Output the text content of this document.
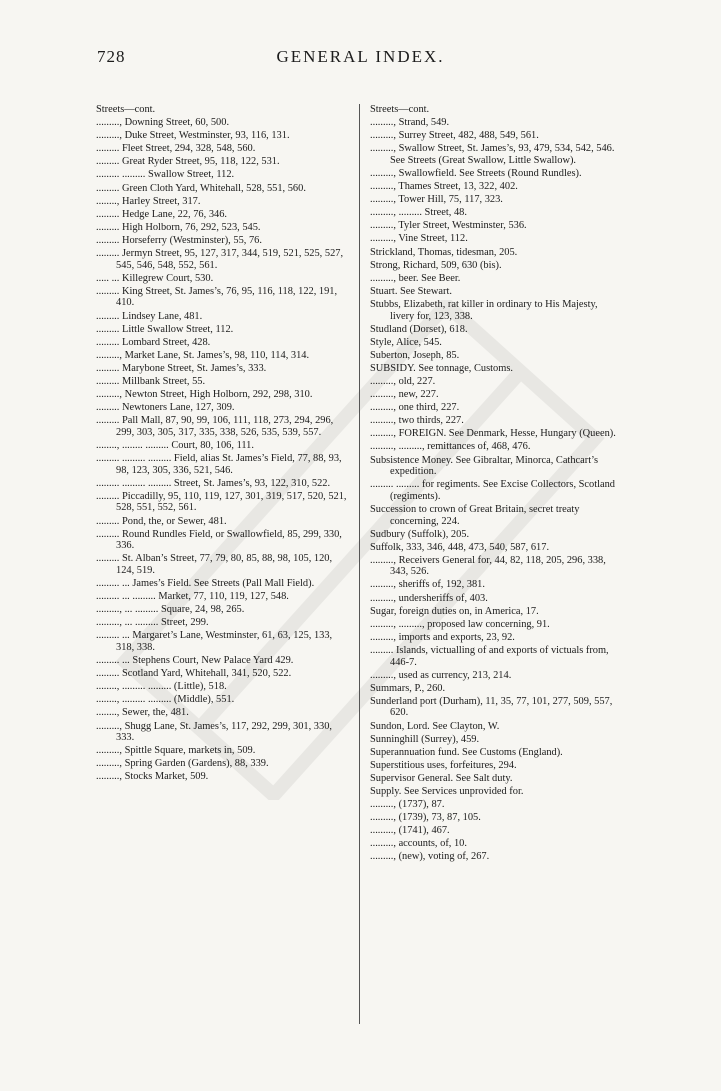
728	GENERAL INDEX.
Streets—cont.
........., Downing Street, 60, 500.
........., Duke Street, Westminster, 93, 116, 131.
......... Fleet Street, 294, 328, 548, 560.
......... Great Ryder Street, 95, 118, 122, 531.
......... ......... Swallow Street, 112.
......... Green Cloth Yard, Whitehall, 528, 551, 560.
........, Harley Street, 317.
......... Hedge Lane, 22, 76, 346.
......... High Holborn, 76, 292, 523, 545.
......... Horseferry (Westminster), 55, 76.
......... Jermyn Street, 95, 127, 317, 344, 519, 521, 525, 527, 545, 546, 548, 552, 561.
..... ... Killegrew Court, 530.
......... King Street, St. James’s, 76, 95, 116, 118, 122, 191, 410.
......... Lindsey Lane, 481.
......... Little Swallow Street, 112.
......... Lombard Street, 428.
........., Market Lane, St. James’s, 98, 110, 114, 314.
......... Marybone Street, St. James’s, 333.
......... Millbank Street, 55.
........., Newton Street, High Holborn, 292, 298, 310.
......... Newtoners Lane, 127, 309.
......... Pall Mall, 87, 90, 99, 106, 111, 118, 273, 294, 296, 299, 303, 305, 317, 335, 338, 526, 535, 539, 557.
........, ........ ......... Court, 80, 106, 111.
......... ......... ......... Field, alias St. James’s Field, 77, 88, 93, 98, 123, 305, 336, 521, 546.
......... ......... ......... Street, St. James’s, 93, 122, 310, 522.
......... Piccadilly, 95, 110, 119, 127, 301, 319, 517, 520, 521, 528, 551, 552, 561.
......... Pond, the, or Sewer, 481.
......... Round Rundles Field, or Swallowfield, 85, 299, 330, 336.
......... St. Alban’s Street, 77, 79, 80, 85, 88, 98, 105, 120, 124, 519.
......... ... James’s Field. See Streets (Pall Mall Field).
......... ... ......... Market, 77, 110, 119, 127, 548.
........., ... ......... Square, 24, 98, 265.
........., ... ......... Street, 299.
......... ... Margaret’s Lane, Westminster, 61, 63, 125, 133, 318, 338.
......... ... Stephens Court, New Palace Yard 429.
......... Scotland Yard, Whitehall, 341, 520, 522.
........, ......... ......... (Little), 518.
........, ......... ......... (Middle), 551.
........, Sewer, the, 481.
........., Shugg Lane, St. James’s, 117, 292, 299, 301, 330, 333.
........., Spittle Square, markets in, 509.
........., Spring Garden (Gardens), 88, 339.
........., Stocks Market, 509.
Streets—cont.
........., Strand, 549.
........., Surrey Street, 482, 488, 549, 561.
........., Swallow Street, St. James’s, 93, 479, 534, 542, 546. See Streets (Great Swallow, Little Swallow).
........., Swallowfield. See Streets (Round Rundles).
........., Thames Street, 13, 322, 402.
........., Tower Hill, 75, 117, 323.
........., ......... Street, 48.
........., Tyler Street, Westminster, 536.
........., Vine Street, 112.
Strickland, Thomas, tidesman, 205.
Strong, Richard, 509, 630 (bis).
........., beer. See Beer.
Stuart. See Stewart.
Stubbs, Elizabeth, rat killer in ordinary to His Majesty, livery for, 123, 338.
Studland (Dorset), 618.
Style, Alice, 545.
Suberton, Joseph, 85.
SUBSIDY. See tonnage, Customs.
........., old, 227.
........., new, 227.
........., one third, 227.
........., two thirds, 227.
........., FOREIGN. See Denmark, Hesse, Hungary (Queen).
........., ........., remittances of, 468, 476.
Subsistence Money. See Gibraltar, Minorca, Cathcart’s expedition.
......... ......... for regiments. See Excise Collectors, Scotland (regiments).
Succession to crown of Great Britain, secret treaty concerning, 224.
Sudbury (Suffolk), 205.
Suffolk, 333, 346, 448, 473, 540, 587, 617.
........., Receivers General for, 44, 82, 118, 205, 296, 338, 343, 526.
........., sheriffs of, 192, 381.
........., undersheriffs of, 403.
Sugar, foreign duties on, in America, 17.
........., ........., proposed law concerning, 91.
........., imports and exports, 23, 92.
......... Islands, victualling of and exports of victuals from, 446-7.
........., used as currency, 213, 214.
Summars, P., 260.
Sunderland port (Durham), 11, 35, 77, 101, 277, 509, 557, 620.
Sundon, Lord. See Clayton, W.
Sunninghill (Surrey), 459.
Superannuation fund. See Customs (England).
Superstitious uses, forfeitures, 294.
Supervisor General. See Salt duty.
Supply. See Services unprovided for.
........., (1737), 87.
........., (1739), 73, 87, 105.
........., (1741), 467.
........., accounts, of, 10.
........., (new), voting of, 267.
